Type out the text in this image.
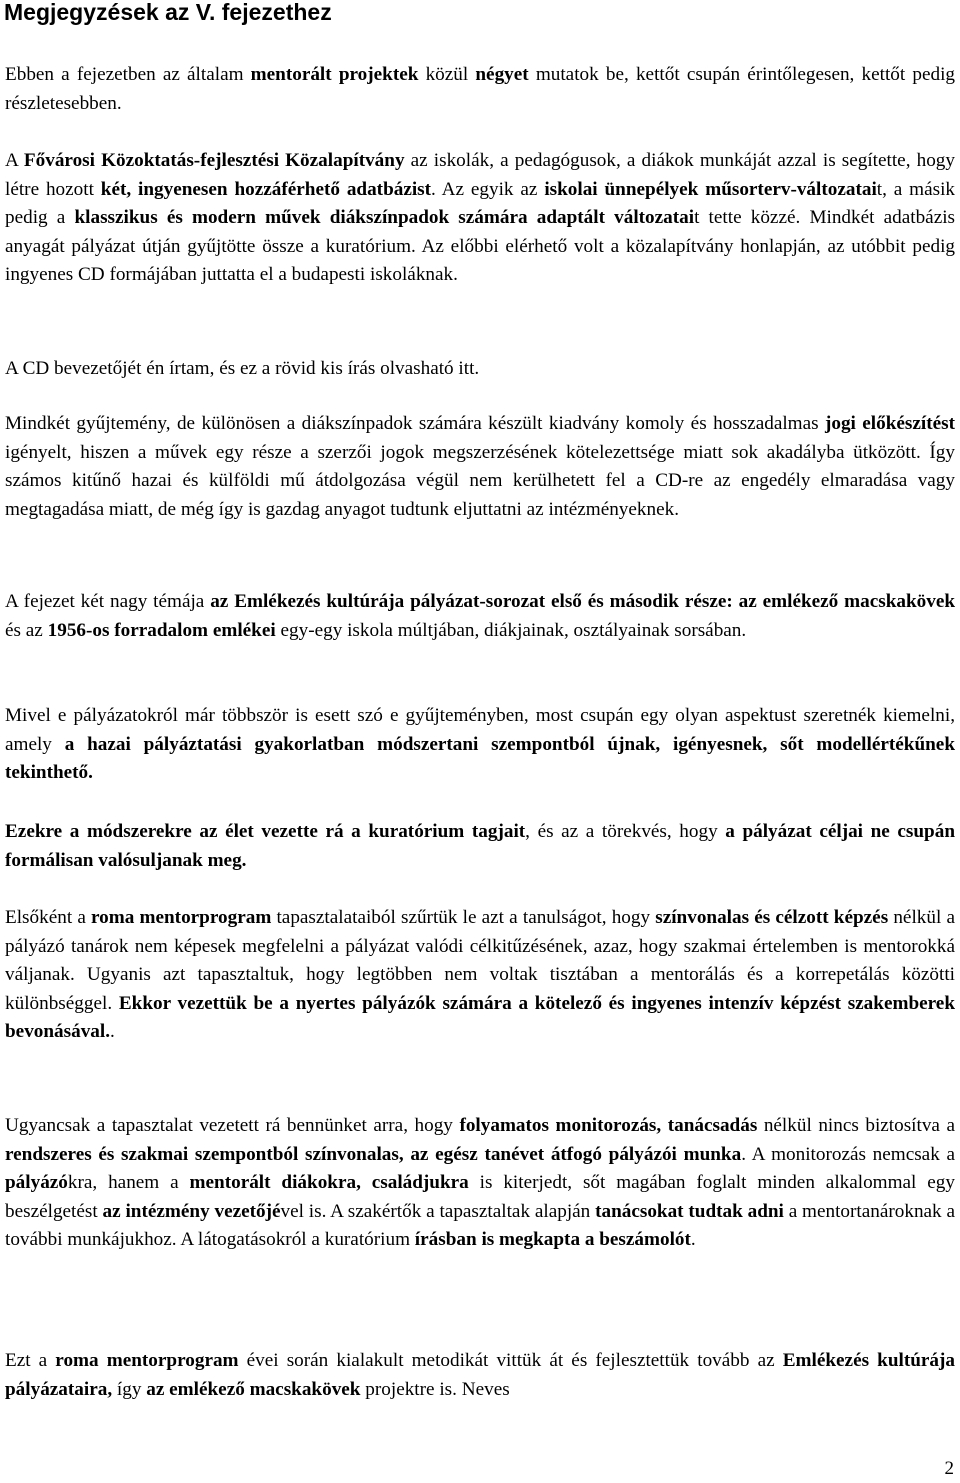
Megjegyzések az V. fejezethez

Ebben a fejezetben az általam mentorált projektek közül négyet mutatok be, kettőt csupán érintőlegesen, kettőt pedig részletesebben.

A Fővárosi Közoktatás-fejlesztési Közalapítvány az iskolák, a pedagógusok, a diákok munkáját azzal is segítette, hogy létre hozott két, ingyenesen hozzáférhető adatbázist. Az egyik az iskolai ünnepélyek műsorterv-változatait, a másik pedig a klasszikus és modern művek diákszínpadok számára adaptált változatait tette közzé. Mindkét adatbázis anyagát pályázat útján gyűjtötte össze a kuratórium. Az előbbi elérhető volt a közalapítvány honlapján, az utóbbit pedig ingyenes CD formájában juttatta el a budapesti iskoláknak.

A CD bevezetőjét én írtam, és ez a rövid kis írás olvasható itt.

Mindkét gyűjtemény, de különösen a diákszínpadok számára készült kiadvány komoly és hosszadalmas jogi előkészítést igényelt, hiszen a művek egy része a szerzői jogok megszerzésének kötelezettsége miatt sok akadályba ütközött. Így számos kitűnő hazai és külföldi mű átdolgozása végül nem kerülhetett fel a CD-re az engedély elmaradása vagy megtagadása miatt, de még így is gazdag anyagot tudtunk eljuttatni az intézményeknek.

A fejezet két nagy témája az Emlékezés kultúrája pályázat-sorozat első és második része: az emlékező macskakövek és az 1956-os forradalom emlékei egy-egy iskola múltjában, diákjainak, osztályainak sorsában.

Mivel e pályázatokról már többször is esett szó e gyűjteményben, most csupán egy olyan aspektust szeretnék kiemelni, amely a hazai pályáztatási gyakorlatban módszertani szempontból újnak, igényesnek, sőt modellértékűnek tekinthető.

Ezekre a módszerekre az élet vezette rá a kuratórium tagjait, és az a törekvés, hogy a pályázat céljai ne csupán formálisan valósuljanak meg.

Elsőként a roma mentorprogram tapasztalataiból szűrtük le azt a tanulságot, hogy színvonalas és célzott képzés nélkül a pályázó tanárok nem képesek megfelelni a pályázat valódi célkitűzésének, azaz, hogy szakmai értelemben is mentorokká váljanak. Ugyanis azt tapasztaltuk, hogy legtöbben nem voltak tisztában a mentorálás és a korrepetálás közötti különbséggel. Ekkor vezettük be a nyertes pályázók számára a kötelező és ingyenes intenzív képzést szakemberek bevonásával..

Ugyancsak a tapasztalat vezetett rá bennünket arra, hogy folyamatos monitorozás, tanácsadás nélkül nincs biztosítva a rendszeres és szakmai szempontból színvonalas, az egész tanévet átfogó pályázói munka. A monitorozás nemcsak a pályázókra, hanem a mentorált diákokra, családjukra is kiterjedt, sőt magában foglalt minden alkalommal egy beszélgetést az intézmény vezetőjével is. A szakértők a tapasztaltak alapján tanácsokat tudtak adni a mentortanároknak a további munkájukhoz. A látogatásokról a kuratórium írásban is megkapta a beszámolót.

Ezt a roma mentorprogram évei során kialakult metodikát vittük át és fejlesztettük tovább az Emlékezés kultúrája pályázataira, így az emlékező macskakövek projektre is. Neves

2
